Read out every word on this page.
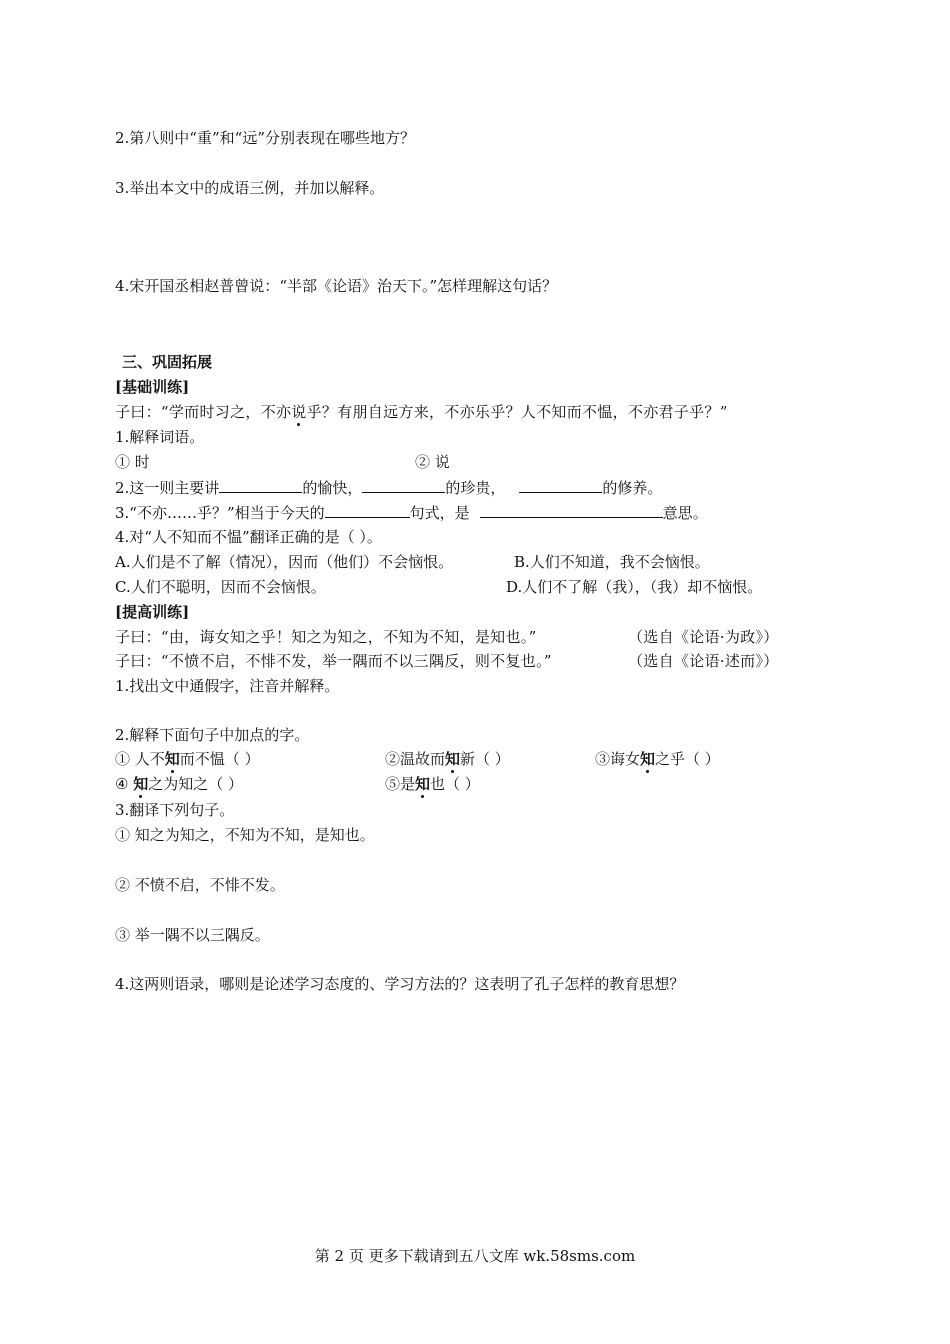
2.第八则中“重”和“远”分别表现在哪些地方？
3.举出本文中的成语三例，并加以解释。
4.宋开国丞相赵普曾说：“半部《论语》治天下。”怎样理解这句话？
三、巩固拓展
[基础训练]
子曰：“学而时习之，不亦说乎？有朋自远方来，不亦乐乎？人不知而不愠，不亦君子乎？”
1.解释词语。
① 时	② 说
2.这一则主要讲	的愉快，	的珍贵，	的修养。
3.“不亦……乎？”相当于今天的	句式，是	意思。
4.对“人不知而不愠”翻译正确的是（ ）。
A.人们是不了解（情况），因而（他们）不会恼恨。	B.人们不知道，我不会恼恨。
C.人们不聪明，因而不会恼恨。	D.人们不了解（我），（我）却不恼恨。
[提高训练]
子曰：“由，诲女知之乎！知之为知之，不知为不知，是知也。”	（选自《论语·为政》）
子曰：“不愤不启，不悱不发，举一隅而不以三隅反，则不复也。”	（选自《论语·述而》）
1.找出文中通假字，注音并解释。
2.解释下面句子中加点的字。
① 人不知而不愠（ ）	②温故而知新（ ）	③诲女知之乎（ ）
④ 知之为知之（ ）	⑤是知也（ ）
3.翻译下列句子。
① 知之为知之，不知为不知，是知也。
② 不愤不启，不悱不发。
③ 举一隅不以三隅反。
4.这两则语录，哪则是论述学习态度的、学习方法的？这表明了孔子怎样的教育思想？
第 2 页 更多下载请到五八文库 wk.58sms.com
